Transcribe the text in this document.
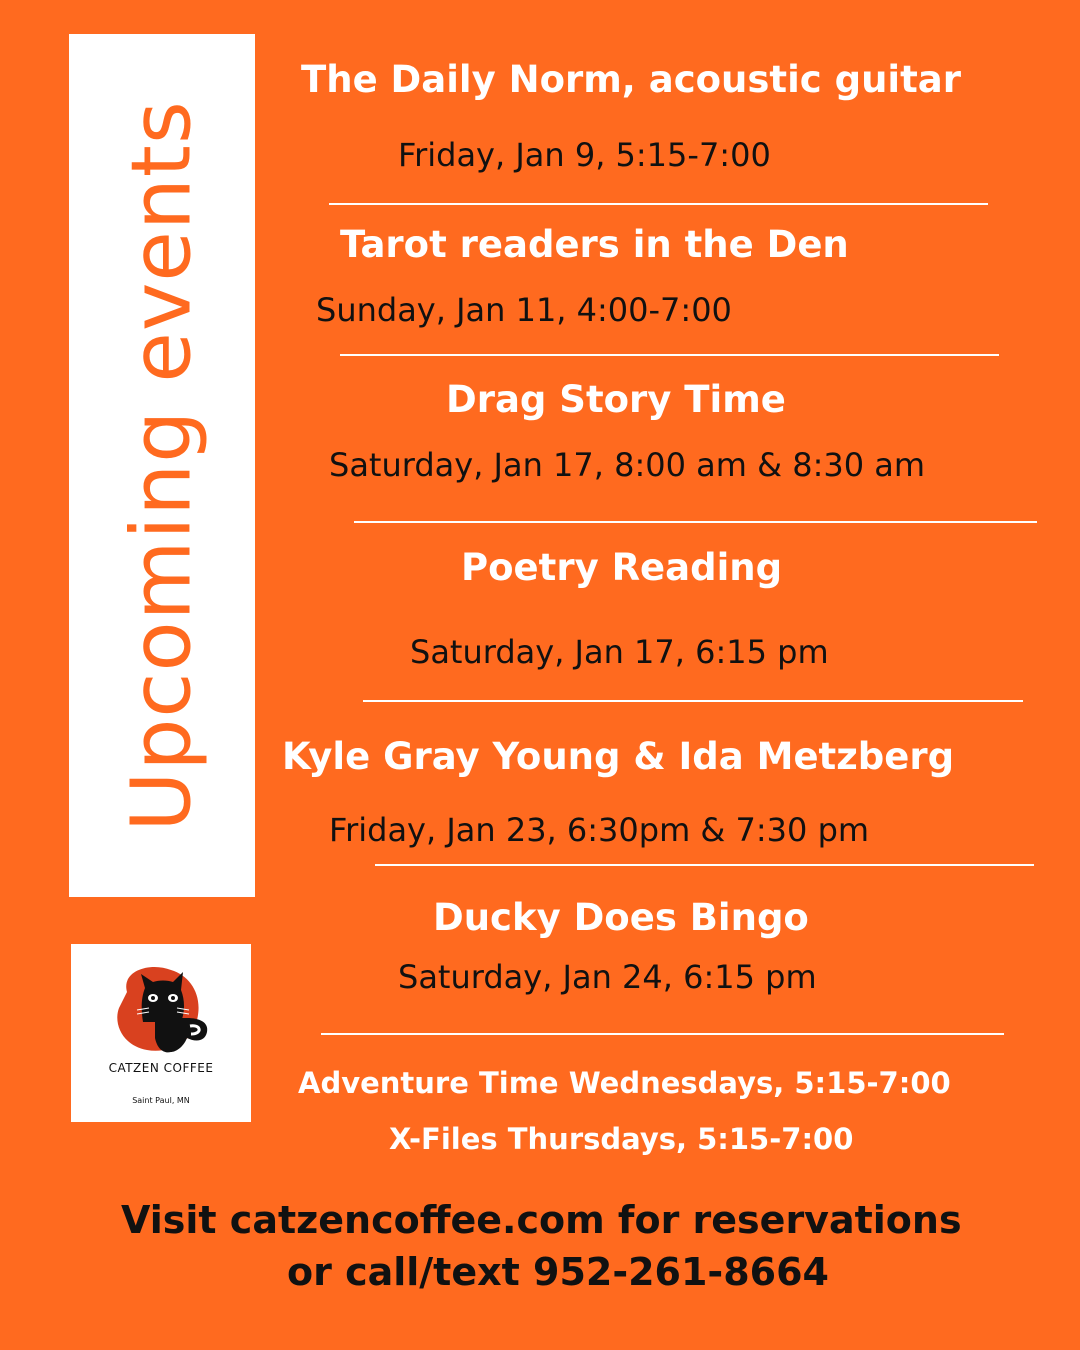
Upcoming events
CATZEN COFFEE
Saint Paul, MN
The Daily Norm, acoustic guitar
Friday, Jan 9, 5:15-7:00
Tarot readers in the Den
Sunday, Jan 11, 4:00-7:00
Drag Story Time
Saturday, Jan 17, 8:00 am & 8:30 am
Poetry Reading
Saturday, Jan 17, 6:15 pm
Kyle Gray Young & Ida Metzberg
Friday, Jan 23, 6:30pm & 7:30 pm
Ducky Does Bingo
Saturday, Jan 24, 6:15 pm
Adventure Time Wednesdays, 5:15-7:00
X-Files Thursdays, 5:15-7:00
Visit catzencoffee.com for reservations
or call/text 952-261-8664
